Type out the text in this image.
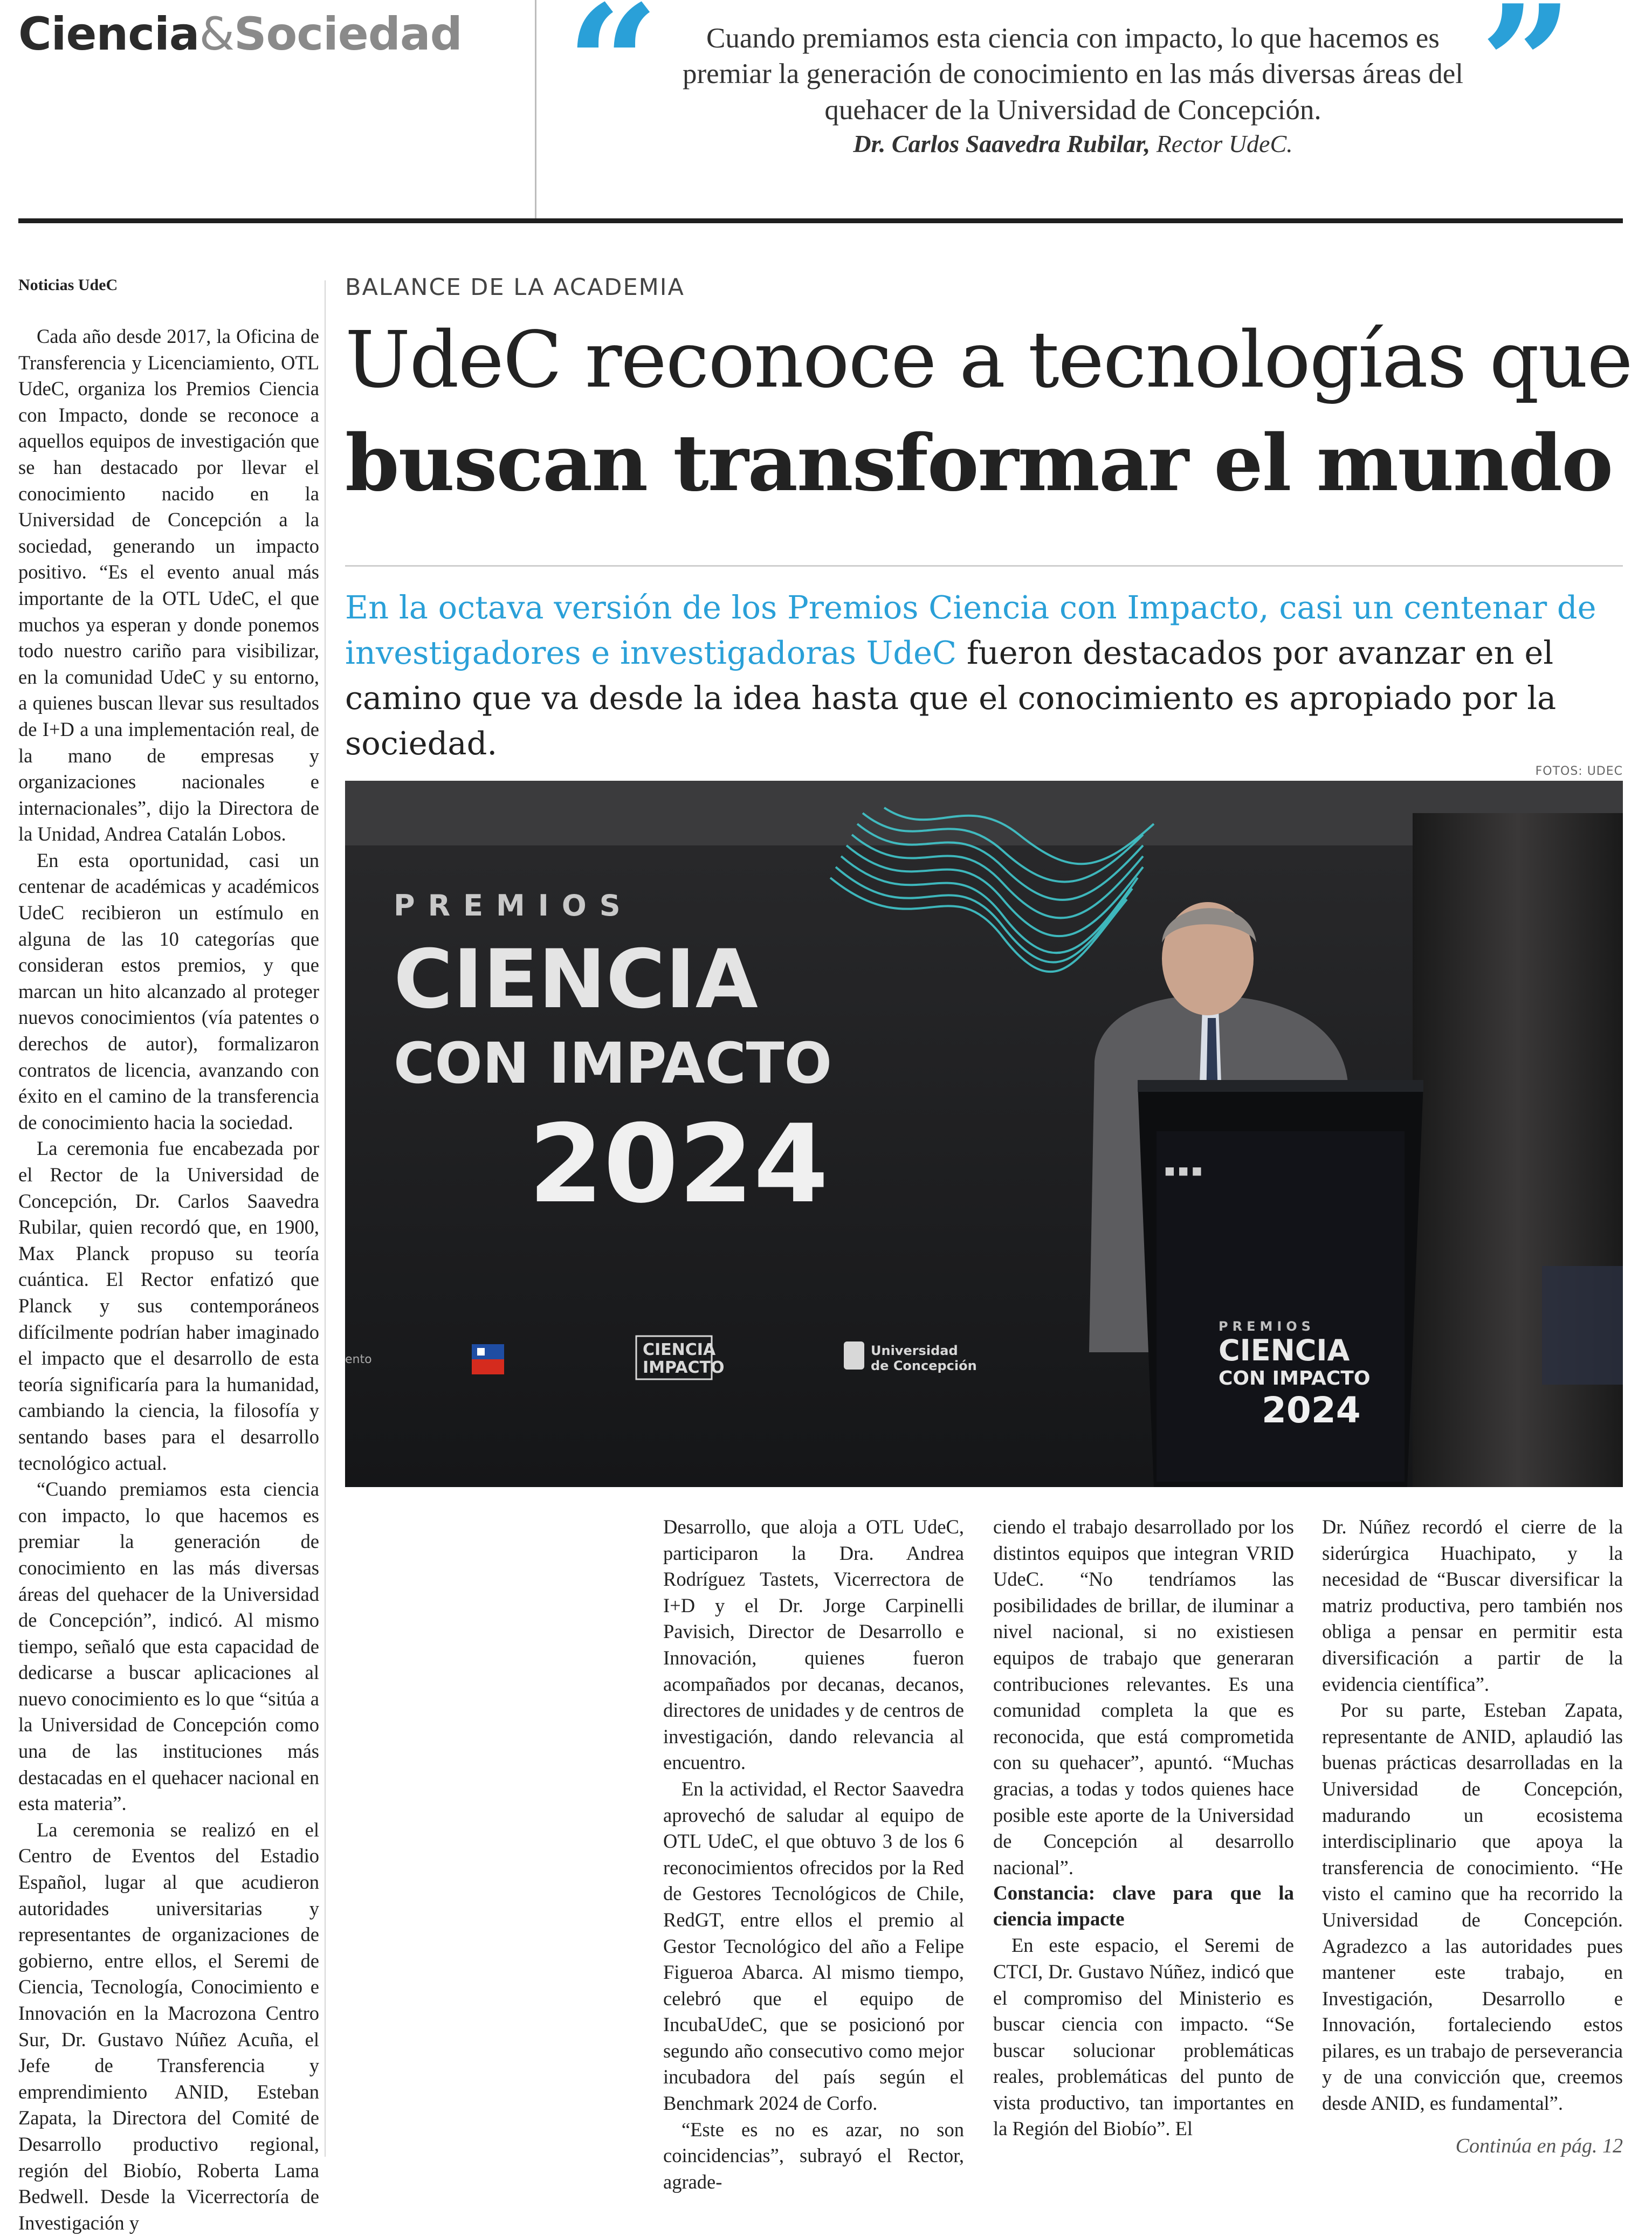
Ciencia&Sociedad “	Cuando premiamos esta ciencia con impacto, lo que hacemos es premiar la generación de conocimiento en las más diversas áreas del quehacer de la Universidad de Concepción.
Dr. Carlos Saavedra Rubilar, Rector UdeC.	”
Noticias UdeC

Cada año desde 2017, la Oficina de Transferencia y Licenciamiento, OTL UdeC, organiza los Premios Ciencia con Impacto, donde se reconoce a aquellos equipos de investigación que se han destacado por llevar el conocimiento nacido en la Universidad de Concepción a la sociedad, generando un impacto positivo. “Es el evento anual más importante de la OTL UdeC, el que muchos ya esperan y donde ponemos todo nuestro cariño para visibilizar, en la comunidad UdeC y su entorno, a quienes buscan llevar sus resultados de I+D a una implementación real, de la mano de empresas y organizaciones nacionales e internacionales”, dijo la Directora de la Unidad, Andrea Catalán Lobos.

En esta oportunidad, casi un centenar de académicas y académicos UdeC recibieron un estímulo en alguna de las 10 categorías que consideran estos premios, y que marcan un hito alcanzado al proteger nuevos conocimientos (vía patentes o derechos de autor), formalizaron contratos de licencia, avanzando con éxito en el camino de la transferencia de conocimiento hacia la sociedad.

La ceremonia fue encabezada por el Rector de la Universidad de Concepción, Dr. Carlos Saavedra Rubilar, quien recordó que, en 1900, Max Planck propuso su teoría cuántica. El Rector enfatizó que Planck y sus contemporáneos difícilmente podrían haber imaginado el impacto que el desarrollo de esta teoría significaría para la humanidad, cambiando la ciencia, la filosofía y sentando bases para el desarrollo tecnológico actual.

“Cuando premiamos esta ciencia con impacto, lo que hacemos es premiar la generación de conocimiento en las más diversas áreas del quehacer de la Universidad de Concepción”, indicó. Al mismo tiempo, señaló que esta capacidad de dedicarse a buscar aplicaciones al nuevo conocimiento es lo que “sitúa a la Universidad de Concepción como una de las instituciones más destacadas en el quehacer nacional en esta materia”.

La ceremonia se realizó en el Centro de Eventos del Estadio Español, lugar al que acudieron autoridades universitarias y representantes de organizaciones de gobierno, entre ellos, el Seremi de Ciencia, Tecnología, Conocimiento e Innovación en la Macrozona Centro Sur, Dr. Gustavo Núñez Acuña, el Jefe de Transferencia y emprendimiento ANID, Esteban Zapata, la Directora del Comité de Desarrollo productivo regional, región del Biobío, Roberta Lama Bedwell. Desde la Vicerrectoría de Investigación y

BALANCE DE LA ACADEMIA
UdeC reconoce a tecnologías que
buscan transformar el mundo
En la octava versión de los Premios Ciencia con Impacto, casi un centenar de investigadores e investigadoras UdeC fueron destacados por avanzar en el camino que va desde la idea hasta que el conocimiento es apropiado por la sociedad.
FOTOS: UDEC
PREMIOS
CIENCIA
CON IMPACTO
2024
ento
CIENCIA
IMPACTO
Universidad
de Concepción
■ ■ ■
PREMIOS
CIENCIA
CON IMPACTO
2024

Desarrollo, que aloja a OTL UdeC, participaron la Dra. Andrea Rodríguez Tastets, Vicerrectora de I+D y el Dr. Jorge Carpinelli Pavisich, Director de Desarrollo e Innovación, quienes fueron acompañados por decanas, decanos, directores de unidades y de centros de investigación, dando relevancia al encuentro.

En la actividad, el Rector Saavedra aprovechó de saludar al equipo de OTL UdeC, el que obtuvo 3 de los 6 reconocimientos ofrecidos por la Red de Gestores Tecnológicos de Chile, RedGT, entre ellos el premio al Gestor Tecnológico del año a Felipe Figueroa Abarca. Al mismo tiempo, celebró que el equipo de IncubaUdeC, que se posicionó por segundo año consecutivo como mejor incubadora del país según el Benchmark 2024 de Corfo.

“Este es no es azar, no son coincidencias”, subrayó el Rector, agrade-

ciendo el trabajo desarrollado por los distintos equipos que integran VRID UdeC. “No tendríamos las posibilidades de brillar, de iluminar a nivel nacional, si no existiesen equipos de trabajo que generaran contribuciones relevantes. Es una comunidad completa la que es reconocida, que está comprometida con su quehacer”, apuntó. “Muchas gracias, a todas y todos quienes hace posible este aporte de la Universidad de Concepción al desarrollo nacional”.

Constancia: clave para que la ciencia impacte

En este espacio, el Seremi de CTCI, Dr. Gustavo Núñez, indicó que el compromiso del Ministerio es buscar ciencia con impacto. “Se buscar solucionar problemáticas reales, problemáticas del punto de vista productivo, tan importantes en la Región del Biobío”. El

Dr. Núñez recordó el cierre de la siderúrgica Huachipato, y la necesidad de “Buscar diversificar la matriz productiva, pero también nos obliga a pensar en permitir esta diversificación a partir de la evidencia científica”.

Por su parte, Esteban Zapata, representante de ANID, aplaudió las buenas prácticas desarrolladas en la Universidad de Concepción, madurando un ecosistema interdisciplinario que apoya la transferencia de conocimiento. “He visto el camino que ha recorrido la Universidad de Concepción. Agradezco a las autoridades pues mantener este trabajo, en Investigación, Desarrollo e Innovación, fortaleciendo estos pilares, es un trabajo de perseverancia y de una convicción que, creemos desde ANID, es fundamental”.

Continúa en pág. 12
